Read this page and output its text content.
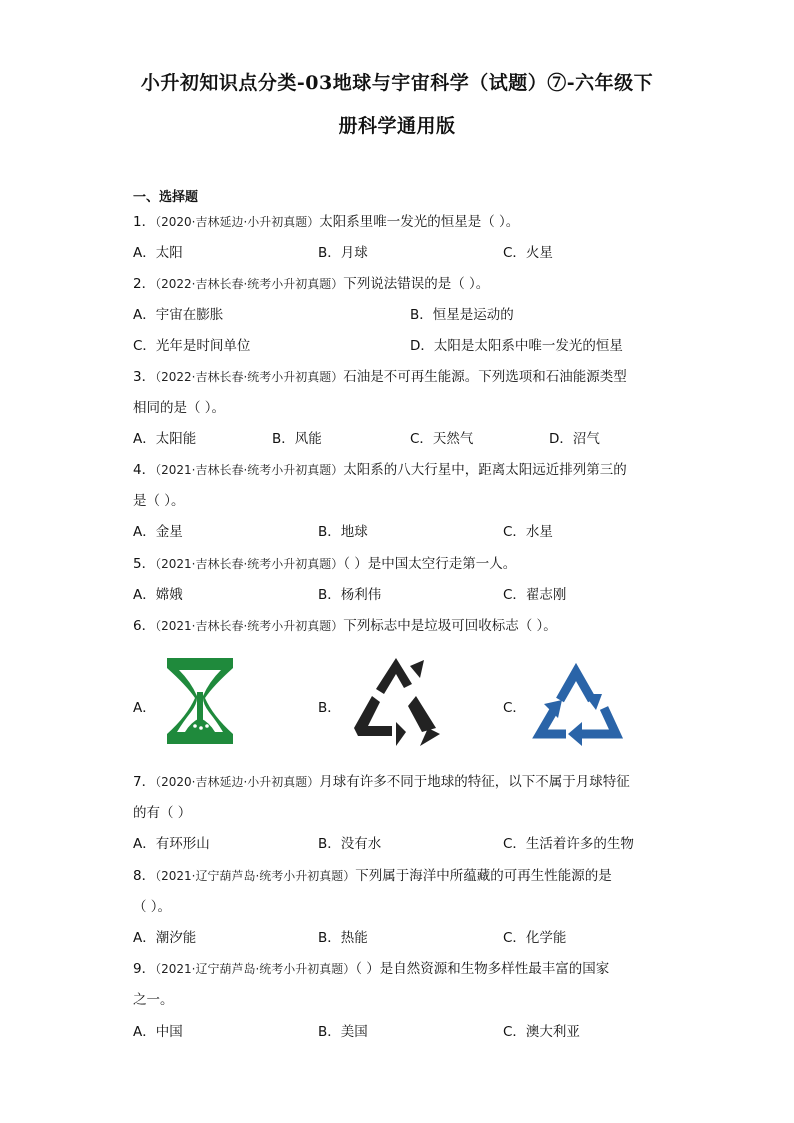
小升初知识点分类-03地球与宇宙科学（试题）⑦-六年级下
册科学通用版
一、选择题
1．（2020·吉林延边·小升初真题）太阳系里唯一发光的恒星是（ ）。
A．太阳	B．月球	C．火星
2．（2022·吉林长春·统考小升初真题）下列说法错误的是（ ）。
A．宇宙在膨胀	B．恒星是运动的
C．光年是时间单位	D．太阳是太阳系中唯一发光的恒星
3．（2022·吉林长春·统考小升初真题）石油是不可再生能源。下列选项和石油能源类型
相同的是（ ）。
A．太阳能	B．风能	C．天然气	D．沼气
4．（2021·吉林长春·统考小升初真题）太阳系的八大行星中，距离太阳远近排列第三的
是（ ）。
A．金星	B．地球	C．水星
5．（2021·吉林长春·统考小升初真题）（ ）是中国太空行走第一人。
A．嫦娥	B．杨利伟	C．翟志刚
6．（2021·吉林长春·统考小升初真题）下列标志中是垃圾可回收标志（ ）。
A．	B．	C．
7．（2020·吉林延边·小升初真题）月球有许多不同于地球的特征，以下不属于月球特征
的有（ ）
A．有环形山	B．没有水	C．生活着许多的生物
8．（2021·辽宁葫芦岛·统考小升初真题）下列属于海洋中所蕴藏的可再生性能源的是
（ ）。
A．潮汐能	B．热能	C．化学能
9．（2021·辽宁葫芦岛·统考小升初真题）（ ）是自然资源和生物多样性最丰富的国家
之一。
A．中国	B．美国	C．澳大利亚
